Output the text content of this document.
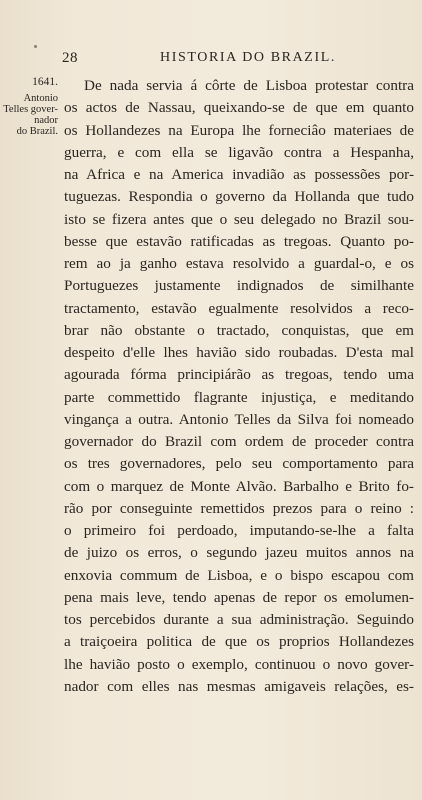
28	HISTORIA DO BRAZIL.
1641.
Antonio
Telles gover-
nador
do Brazil.
De nada servia á côrte de Lisboa protestar contra
os actos de Nassau, queixando-se de que em quanto
os Hollandezes na Europa lhe forneciâo materiaes de
guerra, e com ella se ligavão contra a Hespanha,
na Africa e na America invadião as possessões por-
tuguezas. Respondia o governo da Hollanda que tudo
isto se fizera antes que o seu delegado no Brazil sou-
besse que estavão ratificadas as tregoas. Quanto po-
rem ao ja ganho estava resolvido a guardal-o, e os
Portuguezes justamente indignados de similhante
tractamento, estavão egualmente resolvidos a reco-
brar não obstante o tractado, conquistas, que em
despeito d'elle lhes havião sido roubadas. D'esta mal
agourada fórma principiárão as tregoas, tendo uma
parte commettido flagrante injustiça, e meditando
vingança a outra. Antonio Telles da Silva foi nomeado
governador do Brazil com ordem de proceder contra
os tres governadores, pelo seu comportamento para
com o marquez de Monte Alvão. Barbalho e Brito fo-
rão por conseguinte remettidos prezos para o reino :
o primeiro foi perdoado, imputando-se-lhe a falta
de juizo os erros, o segundo jazeu muitos annos na
enxovia commum de Lisboa, e o bispo escapou com
pena mais leve, tendo apenas de repor os emolumen-
tos percebidos durante a sua administração. Seguindo
a traiçoeira politica de que os proprios Hollandezes
lhe havião posto o exemplo, continuou o novo gover-
nador com elles nas mesmas amigaveis relações, es-
